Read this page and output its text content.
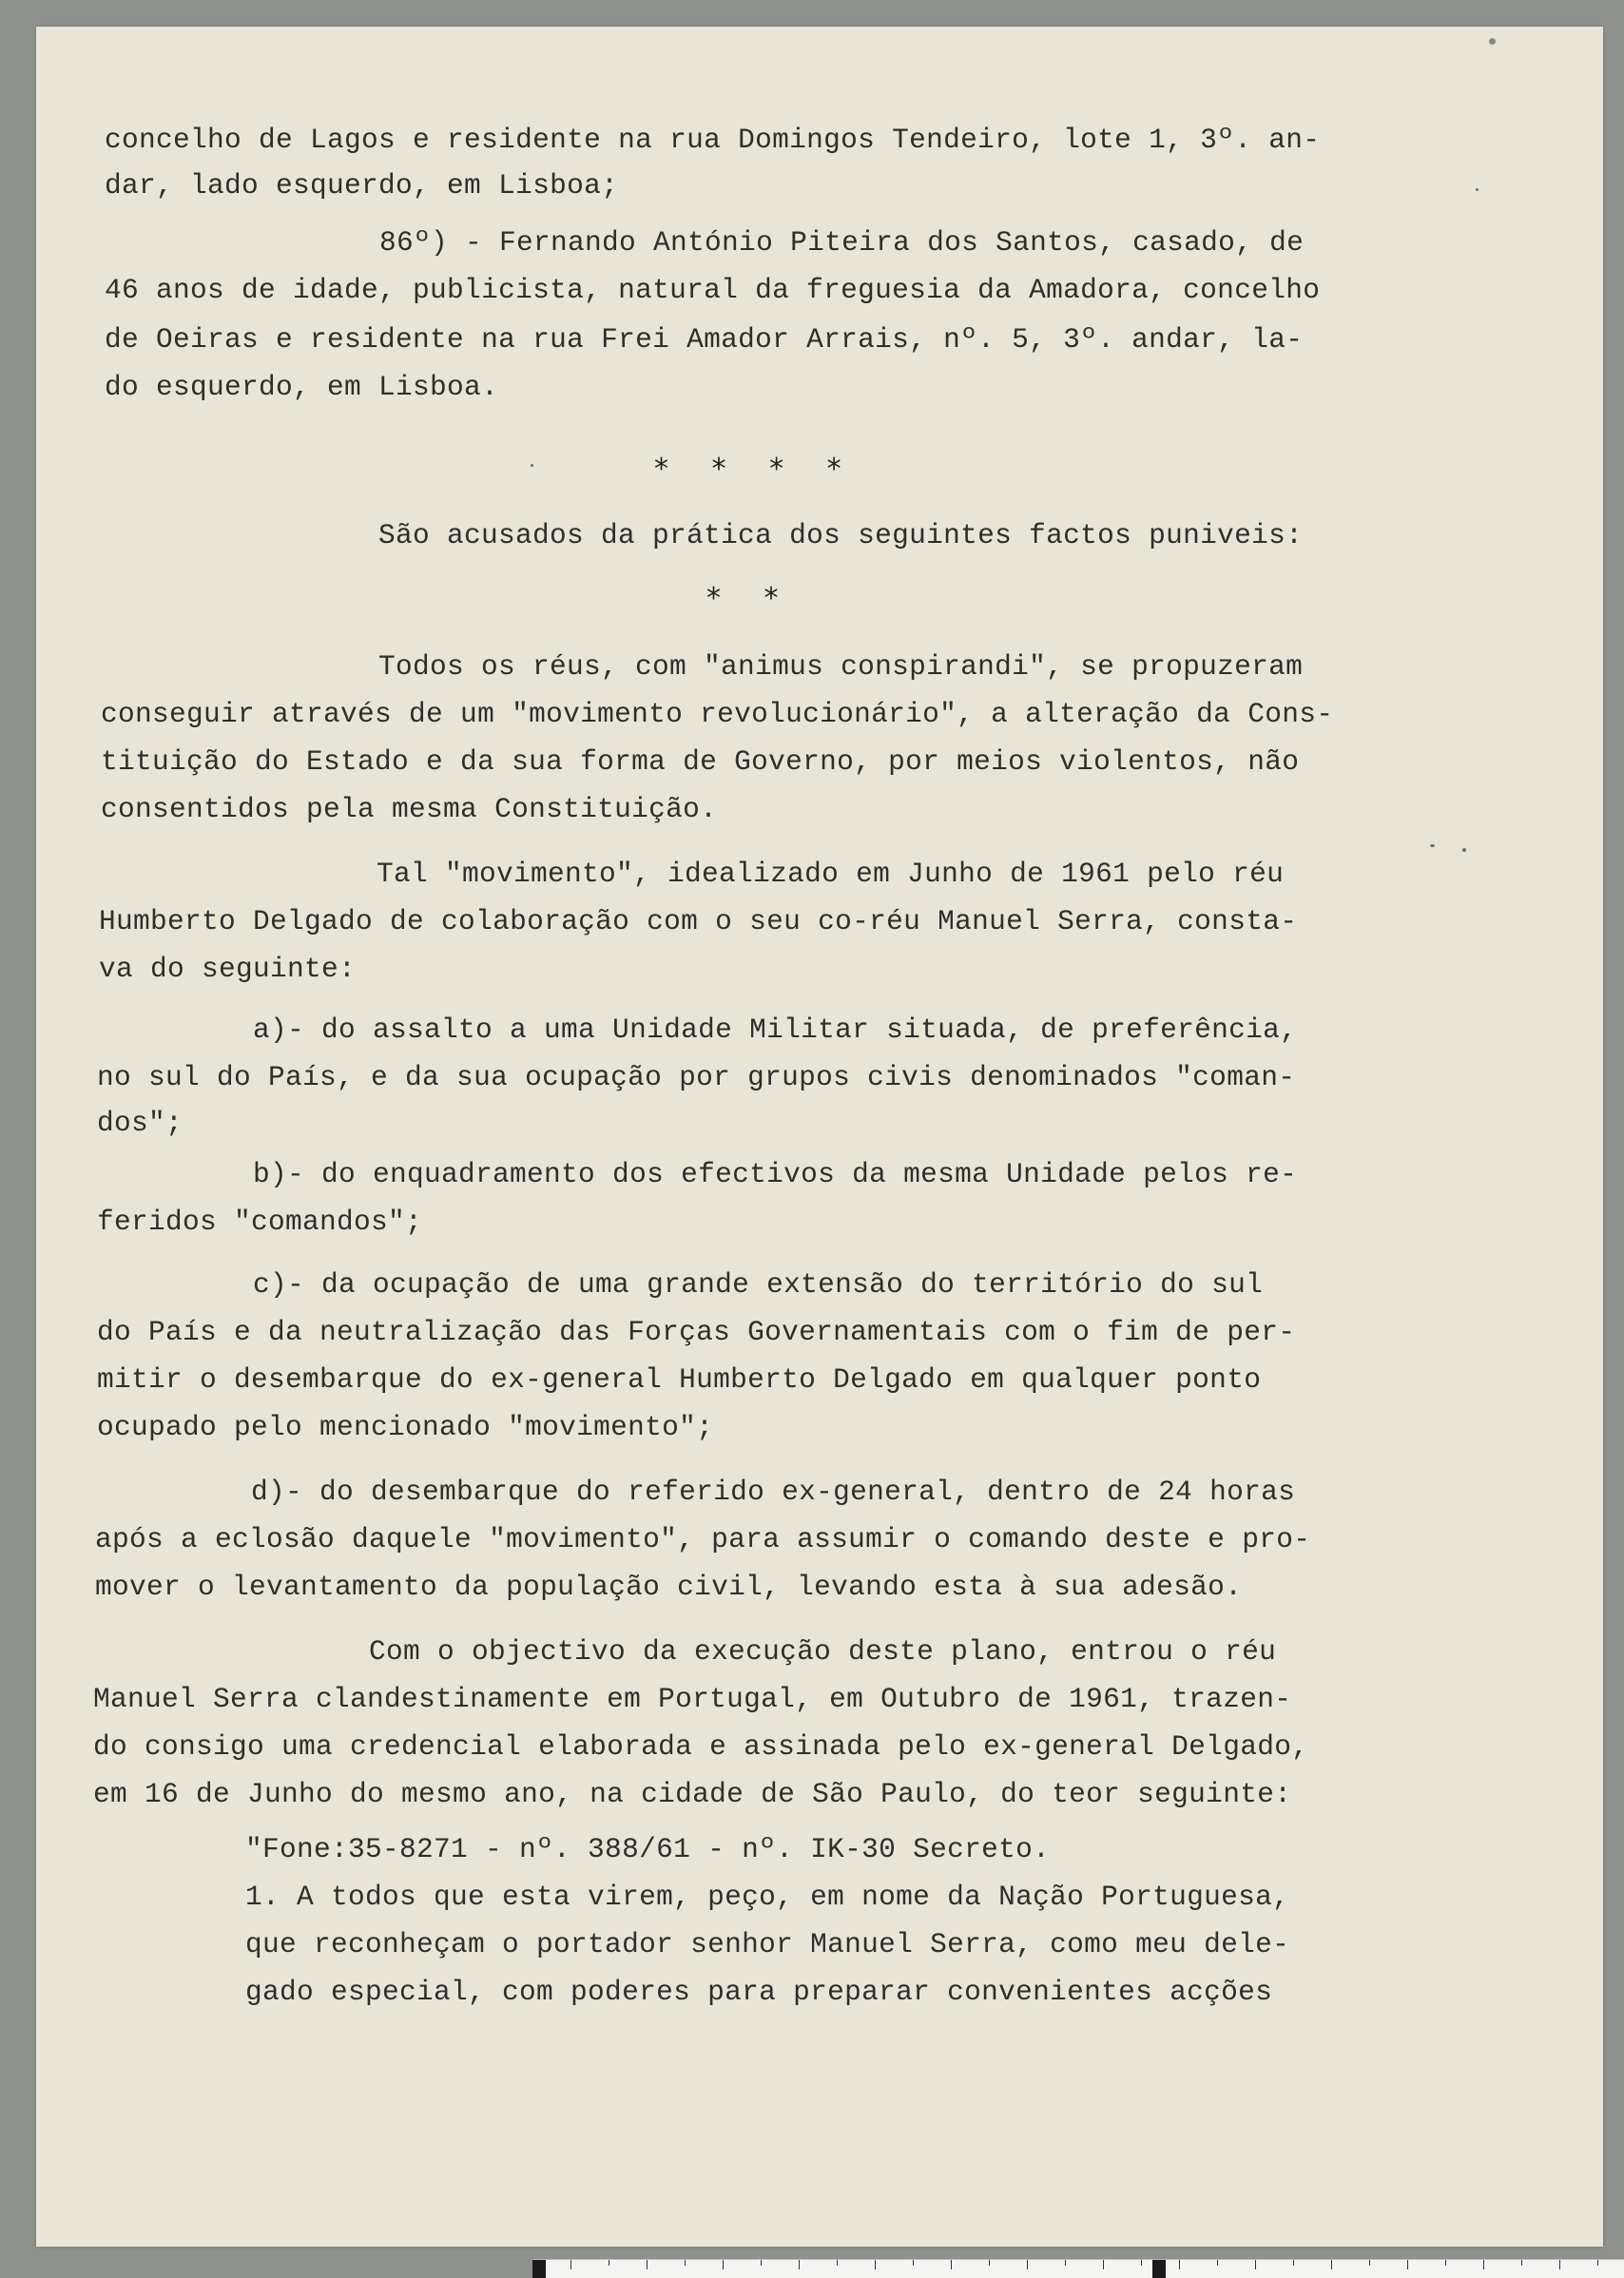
concelho de Lagos e residente na rua Domingos Tendeiro, lote 1, 3º. an-

dar, lado esquerdo, em Lisboa;

86º) - Fernando António Piteira dos Santos, casado, de

46 anos de idade, publicista, natural da freguesia da Amadora, concelho

de Oeiras e residente na rua Frei Amador Arrais, nº. 5, 3º. andar, la-

do esquerdo, em Lisboa.

São acusados da prática dos seguintes factos puniveis:

Todos os réus, com "animus conspirandi", se propuzeram

conseguir através de um "movimento revolucionário", a alteração da Cons-

tituição do Estado e da sua forma de Governo, por meios violentos, não

consentidos pela mesma Constituição.

Tal "movimento", idealizado em Junho de 1961 pelo réu

Humberto Delgado de colaboração com o seu co-réu Manuel Serra, consta-

va do seguinte:

a)- do assalto a uma Unidade Militar situada, de preferência,

no sul do País, e da sua ocupação por grupos civis denominados "coman-

dos";

b)- do enquadramento dos efectivos da mesma Unidade pelos re-

feridos "comandos";

c)- da ocupação de uma grande extensão do território do sul

do País e da neutralização das Forças Governamentais com o fim de per-

mitir o desembarque do ex-general Humberto Delgado em qualquer ponto

ocupado pelo mencionado "movimento";

d)- do desembarque do referido ex-general, dentro de 24 horas

após a eclosão daquele "movimento", para assumir o comando deste e pro-

mover o levantamento da população civil, levando esta à sua adesão.

Com o objectivo da execução deste plano, entrou o réu

Manuel Serra clandestinamente em Portugal, em Outubro de 1961, trazen-

do consigo uma credencial elaborada e assinada pelo ex-general Delgado,

em 16 de Junho do mesmo ano, na cidade de São Paulo, do teor seguinte:

"Fone:35-8271 - nº. 388/61 - nº. IK-30 Secreto.

1. A todos que esta virem, peço, em nome da Nação Portuguesa,

que reconheçam o portador senhor Manuel Serra, como meu dele-

gado especial, com poderes para preparar convenientes acções

* * * *
* *
